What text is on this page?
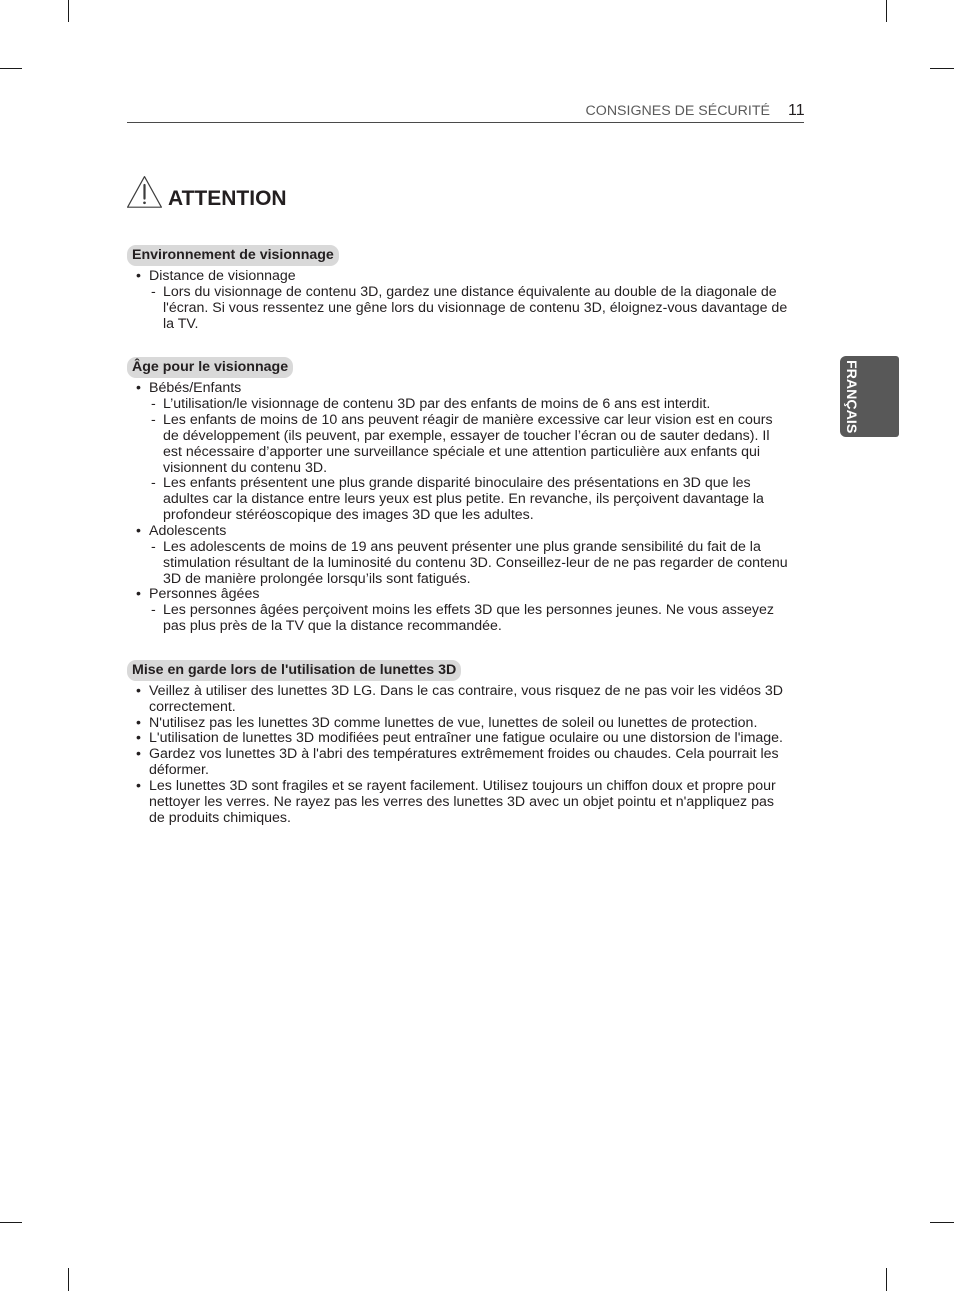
CONSIGNES DE SÉCURITÉ 11
ATTENTION
FRANÇAIS
Environnement de visionnage
• Distance de visionnage
- Lors du visionnage de contenu 3D, gardez une distance équivalente au double de la diagonale de
l'écran. Si vous ressentez une gêne lors du visionnage de contenu 3D, éloignez-vous davantage de
la TV.
Âge pour le visionnage
• Bébés/Enfants
- L’utilisation/le visionnage de contenu 3D par des enfants de moins de 6 ans est interdit.
- Les enfants de moins de 10 ans peuvent réagir de manière excessive car leur vision est en cours
de développement (ils peuvent, par exemple, essayer de toucher l’écran ou de sauter dedans). Il
est nécessaire d’apporter une surveillance spéciale et une attention particulière aux enfants qui
visionnent du contenu 3D.
- Les enfants présentent une plus grande disparité binoculaire des présentations en 3D que les
adultes car la distance entre leurs yeux est plus petite. En revanche, ils perçoivent davantage la
profondeur stéréoscopique des images 3D que les adultes.
• Adolescents
- Les adolescents de moins de 19 ans peuvent présenter une plus grande sensibilité du fait de la
stimulation résultant de la luminosité du contenu 3D. Conseillez-leur de ne pas regarder de contenu
3D de manière prolongée lorsqu’ils sont fatigués.
• Personnes âgées
- Les personnes âgées perçoivent moins les effets 3D que les personnes jeunes. Ne vous asseyez
pas plus près de la TV que la distance recommandée.
Mise en garde lors de l'utilisation de lunettes 3D
• Veillez à utiliser des lunettes 3D LG. Dans le cas contraire, vous risquez de ne pas voir les vidéos 3D
correctement.
• N'utilisez pas les lunettes 3D comme lunettes de vue, lunettes de soleil ou lunettes de protection.
• L'utilisation de lunettes 3D modifiées peut entraîner une fatigue oculaire ou une distorsion de l'image.
• Gardez vos lunettes 3D à l'abri des températures extrêmement froides ou chaudes. Cela pourrait les
déformer.
• Les lunettes 3D sont fragiles et se rayent facilement. Utilisez toujours un chiffon doux et propre pour
nettoyer les verres. Ne rayez pas les verres des lunettes 3D avec un objet pointu et n'appliquez pas
de produits chimiques.
